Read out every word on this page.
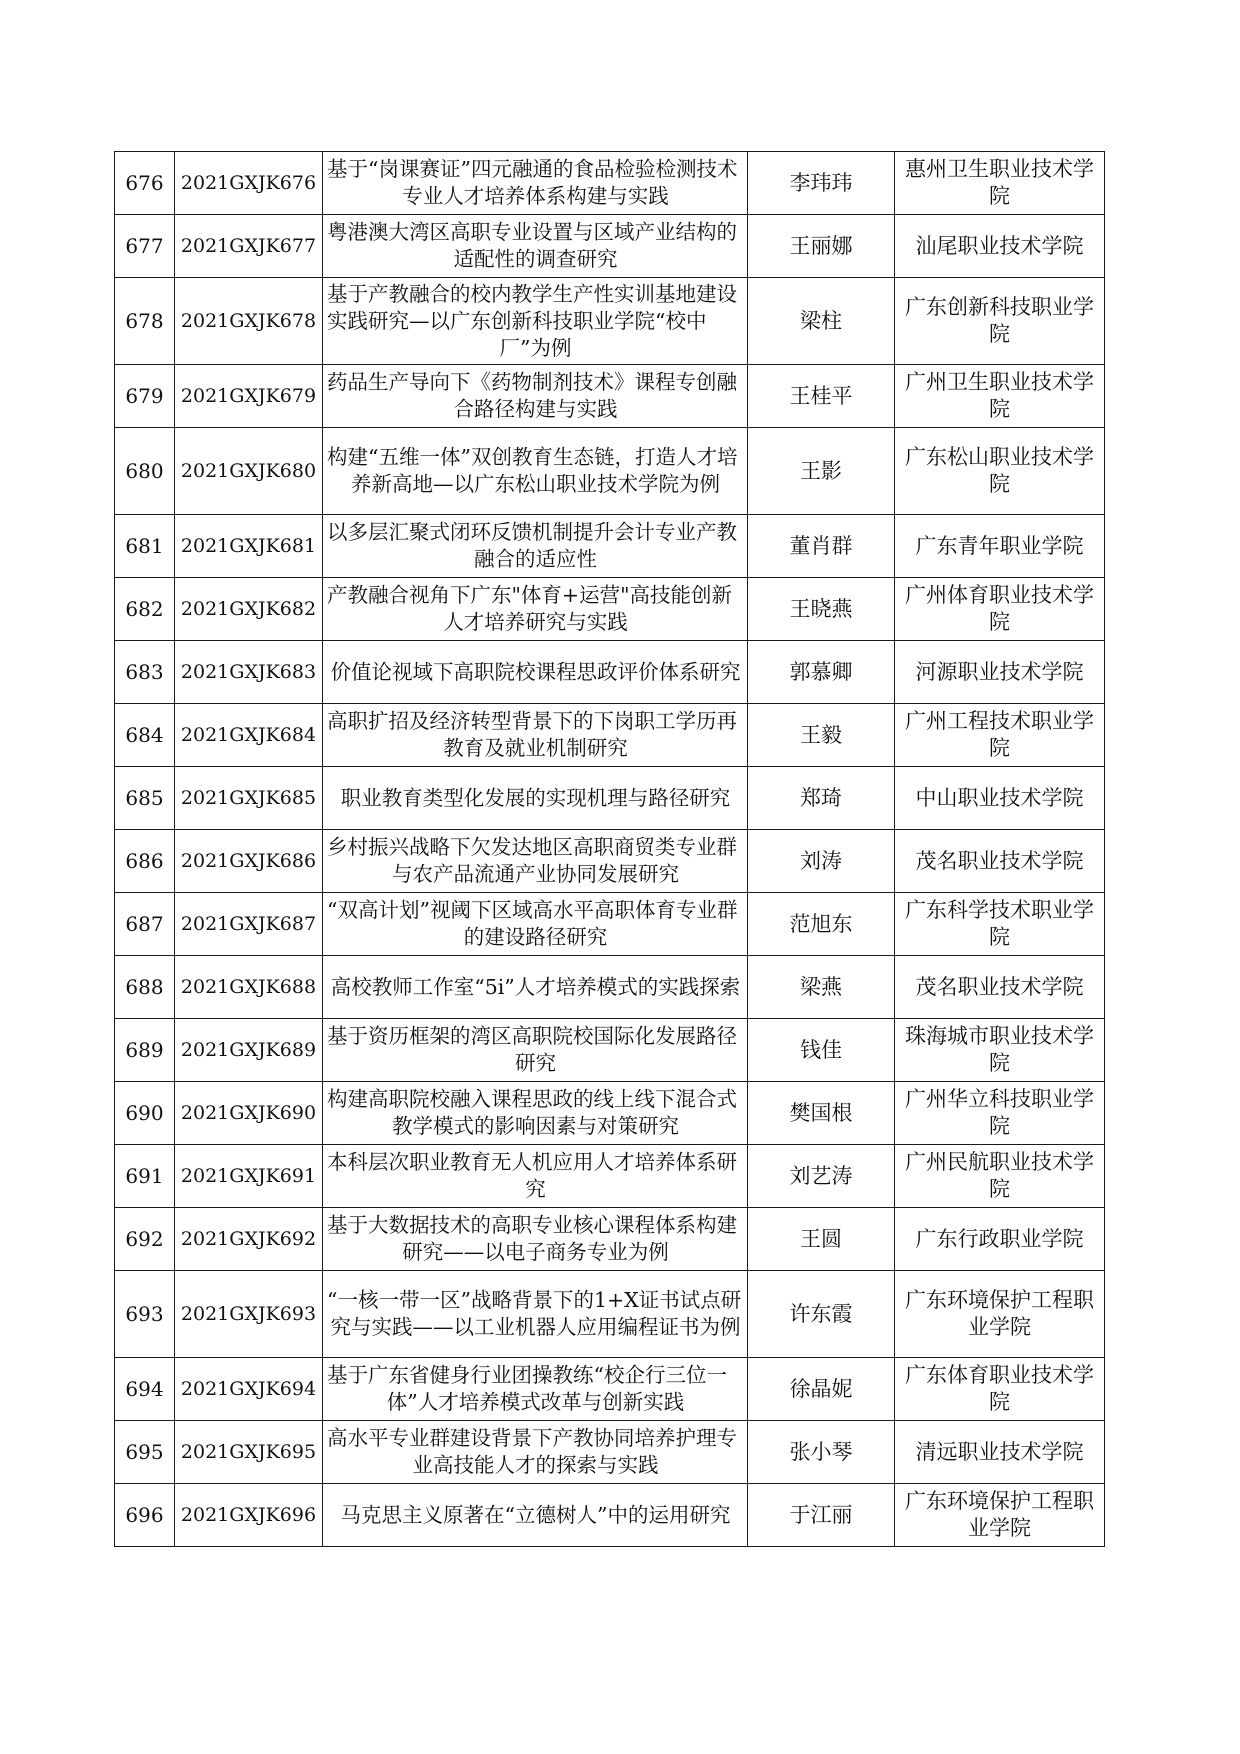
676	2021GXJK676	基于“岗课赛证”四元融通的食品检验检测技术专业人才培养体系构建与实践	李玮玮	惠州卫生职业技术学院
677	2021GXJK677	粤港澳大湾区高职专业设置与区域产业结构的适配性的调查研究	王丽娜	汕尾职业技术学院
678	2021GXJK678	基于产教融合的校内教学生产性实训基地建设实践研究—以广东创新科技职业学院“校中厂”为例	梁柱	广东创新科技职业学院
679	2021GXJK679	药品生产导向下《药物制剂技术》课程专创融合路径构建与实践	王桂平	广州卫生职业技术学院
680	2021GXJK680	构建“五维一体”双创教育生态链，打造人才培养新高地—以广东松山职业技术学院为例	王影	广东松山职业技术学院
681	2021GXJK681	以多层汇聚式闭环反馈机制提升会计专业产教融合的适应性	董肖群	广东青年职业学院
682	2021GXJK682	产教融合视角下广东"体育+运营"高技能创新人才培养研究与实践	王晓燕	广州体育职业技术学院
683	2021GXJK683	价值论视域下高职院校课程思政评价体系研究	郭慕卿	河源职业技术学院
684	2021GXJK684	高职扩招及经济转型背景下的下岗职工学历再教育及就业机制研究	王毅	广州工程技术职业学院
685	2021GXJK685	职业教育类型化发展的实现机理与路径研究	郑琦	中山职业技术学院
686	2021GXJK686	乡村振兴战略下欠发达地区高职商贸类专业群与农产品流通产业协同发展研究	刘涛	茂名职业技术学院
687	2021GXJK687	“双高计划”视阈下区域高水平高职体育专业群的建设路径研究	范旭东	广东科学技术职业学院
688	2021GXJK688	高校教师工作室“5i”人才培养模式的实践探索	梁燕	茂名职业技术学院
689	2021GXJK689	基于资历框架的湾区高职院校国际化发展路径研究	钱佳	珠海城市职业技术学院
690	2021GXJK690	构建高职院校融入课程思政的线上线下混合式教学模式的影响因素与对策研究	樊国根	广州华立科技职业学院
691	2021GXJK691	本科层次职业教育无人机应用人才培养体系研究	刘艺涛	广州民航职业技术学院
692	2021GXJK692	基于大数据技术的高职专业核心课程体系构建研究——以电子商务专业为例	王圆	广东行政职业学院
693	2021GXJK693	“一核一带一区”战略背景下的1+X证书试点研究与实践——以工业机器人应用编程证书为例	许东霞	广东环境保护工程职业学院
694	2021GXJK694	基于广东省健身行业团操教练“校企行三位一体”人才培养模式改革与创新实践	徐晶妮	广东体育职业技术学院
695	2021GXJK695	高水平专业群建设背景下产教协同培养护理专业高技能人才的探索与实践	张小琴	清远职业技术学院
696	2021GXJK696	马克思主义原著在“立德树人”中的运用研究	于江丽	广东环境保护工程职业学院
